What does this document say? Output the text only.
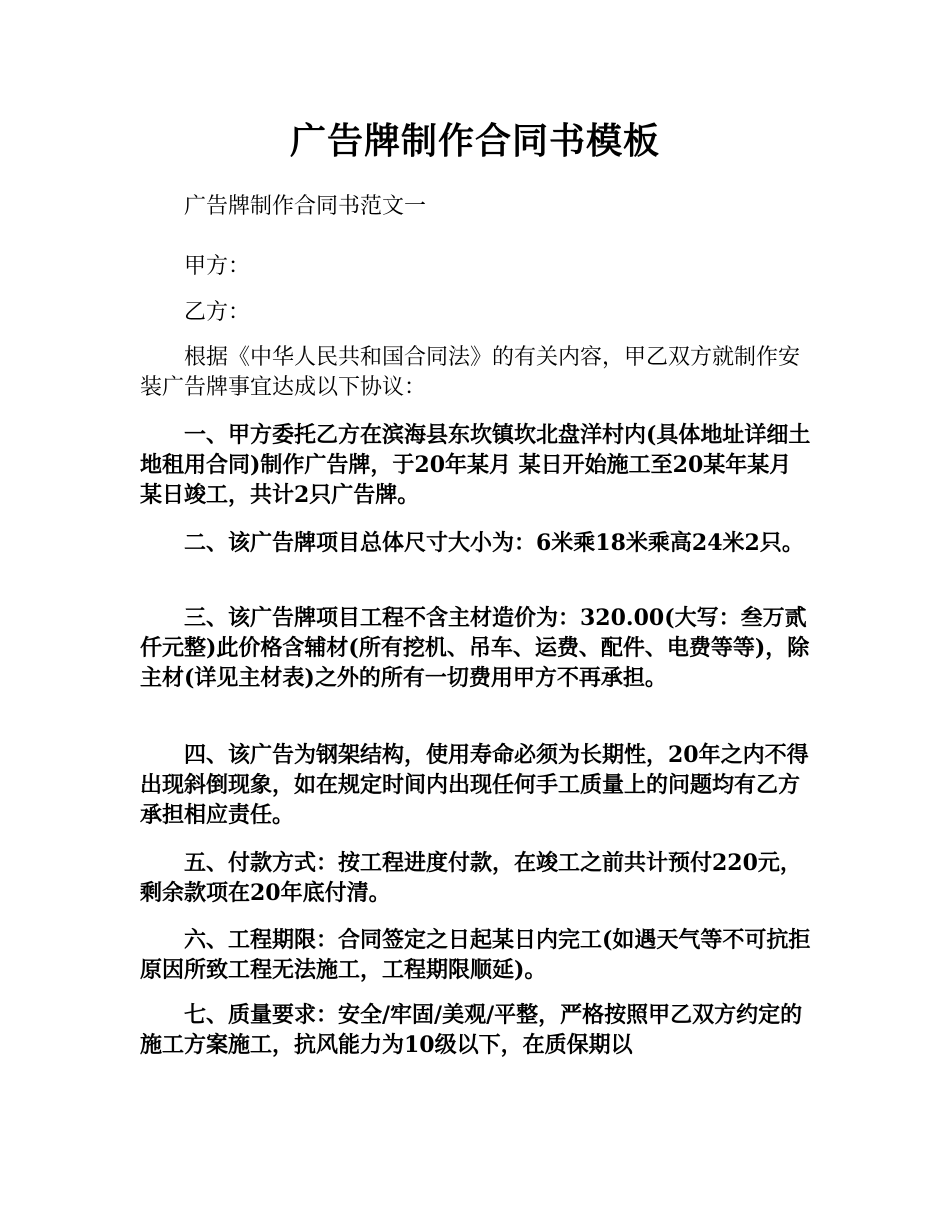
广告牌制作合同书模板

广告牌制作合同书范文一

甲方：

乙方：

根据《中华人民共和国合同法》的有关内容，甲乙双方就制作安装广告牌事宜达成以下协议：

一、甲方委托乙方在滨海县东坎镇坎北盘洋村内(具体地址详细土地租用合同)制作广告牌，于20年某月 某日开始施工至20某年某月某日竣工，共计2只广告牌。

二、该广告牌项目总体尺寸大小为：6米乘18米乘高24米2只。

三、该广告牌项目工程不含主材造价为：320.00(大写：叁万贰仟元整)此价格含辅材(所有挖机、吊车、运费、配件、电费等等)，除主材(详见主材表)之外的所有一切费用甲方不再承担。

四、该广告为钢架结构，使用寿命必须为长期性，20年之内不得出现斜倒现象，如在规定时间内出现任何手工质量上的问题均有乙方承担相应责任。

五、付款方式：按工程进度付款，在竣工之前共计预付220元，剩余款项在20年底付清。

六、工程期限：合同签定之日起某日内完工(如遇天气等不可抗拒原因所致工程无法施工，工程期限顺延)。

七、质量要求：安全/牢固/美观/平整，严格按照甲乙双方约定的施工方案施工，抗风能力为10级以下，在质保期以
